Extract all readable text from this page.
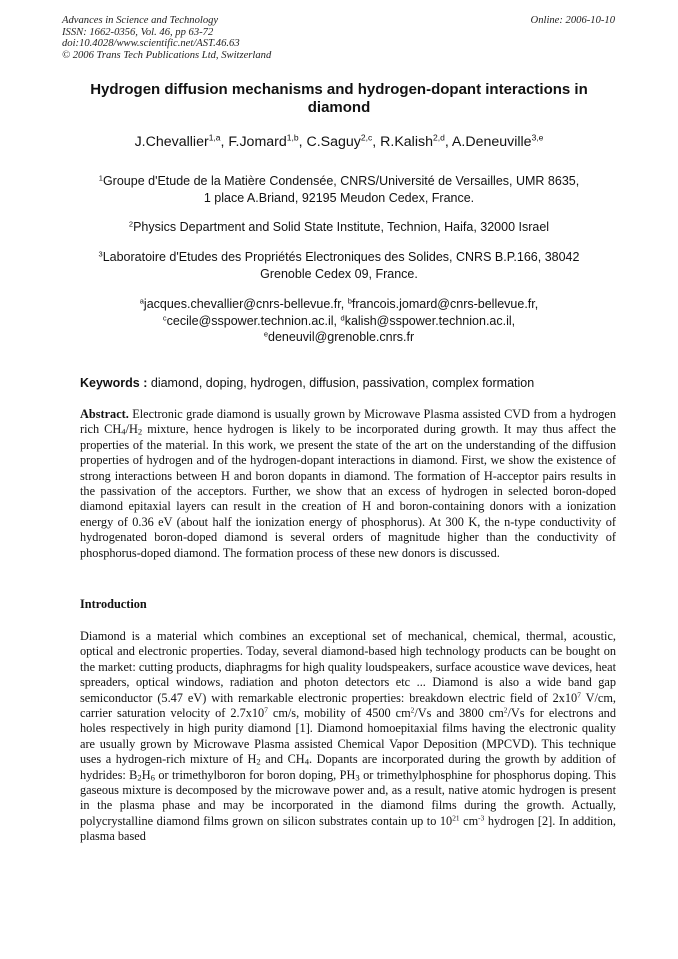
Advances in Science and Technology
ISSN: 1662-0356, Vol. 46, pp 63-72
doi:10.4028/www.scientific.net/AST.46.63
© 2006 Trans Tech Publications Ltd, Switzerland
Online: 2006-10-10
Hydrogen diffusion mechanisms and hydrogen-dopant interactions in diamond
J.Chevallier$^{1,a}$, F.Jomard$^{1,b}$, C.Saguy$^{2,c}$, R.Kalish$^{2,d}$, A.Deneuville$^{3,e}$
$^1$Groupe d'Etude de la Matière Condensée, CNRS/Université de Versailles, UMR 8635,
1 place A.Briand, 92195 Meudon Cedex, France.
$^2$Physics Department and Solid State Institute, Technion, Haifa, 32000 Israel
$^3$Laboratoire d'Etudes des Propriétés Electroniques des Solides, CNRS B.P.166, 38042
Grenoble Cedex 09, France.
$^a$jacques.chevallier@cnrs-bellevue.fr, $^b$francois.jomard@cnrs-bellevue.fr,
$^c$cecile@sspower.technion.ac.il, $^d$kalish@sspower.technion.ac.il,
$^e$deneuvil@grenoble.cnrs.fr
Keywords : diamond, doping, hydrogen, diffusion, passivation, complex formation

Abstract. Electronic grade diamond is usually grown by Microwave Plasma assisted CVD from a hydrogen rich $CH_4/H_2$ mixture, hence hydrogen is likely to be incorporated during growth. It may thus affect the properties of the material. In this work, we present the state of the art on the understanding of the diffusion properties of hydrogen and of the hydrogen-dopant interactions in diamond. First, we show the existence of strong interactions between H and boron dopants in diamond. The formation of H-acceptor pairs results in the passivation of the acceptors. Further, we show that an excess of hydrogen in selected boron-doped diamond epitaxial layers can result in the creation of H and boron-containing donors with a ionization energy of 0.36 eV (about half the ionization energy of phosphorus). At 300 K, the n-type conductivity of hydrogenated boron-doped diamond is several orders of magnitude higher than the conductivity of phosphorus-doped diamond. The formation process of these new donors is discussed.

Introduction

Diamond is a material which combines an exceptional set of mechanical, chemical, thermal, acoustic, optical and electronic properties. Today, several diamond-based high technology products can be bought on the market: cutting products, diaphragms for high quality loudspeakers, surface acoustice wave devices, heat spreaders, optical windows, radiation and photon detectors etc ... Diamond is also a wide band gap semiconductor (5.47 eV) with remarkable electronic properties: breakdown electric field of $2x10^7$ V/cm, carrier saturation velocity of $2.7x10^7$ cm/s, mobility of 4500 $cm^2/Vs$ and 3800 $cm^2/Vs$ for electrons and holes respectively in high purity diamond [1]. Diamond homoepitaxial films having the electronic quality are usually grown by Microwave Plasma assisted Chemical Vapor Deposition (MPCVD). This technique uses a hydrogen-rich mixture of $H_2$ and $CH_4$. Dopants are incorporated during the growth by addition of hydrides: $B_2H_6$ or trimethylboron for boron doping, $PH_3$ or trimethylphosphine for phosphorus doping. This gaseous mixture is decomposed by the microwave power and, as a result, native atomic hydrogen is present in the plasma phase and may be incorporated in the diamond films during the growth. Actually, polycrystalline diamond films grown on silicon substrates contain up to $10^{21}$ $cm^{-3}$ hydrogen [2]. In addition, plasma based
